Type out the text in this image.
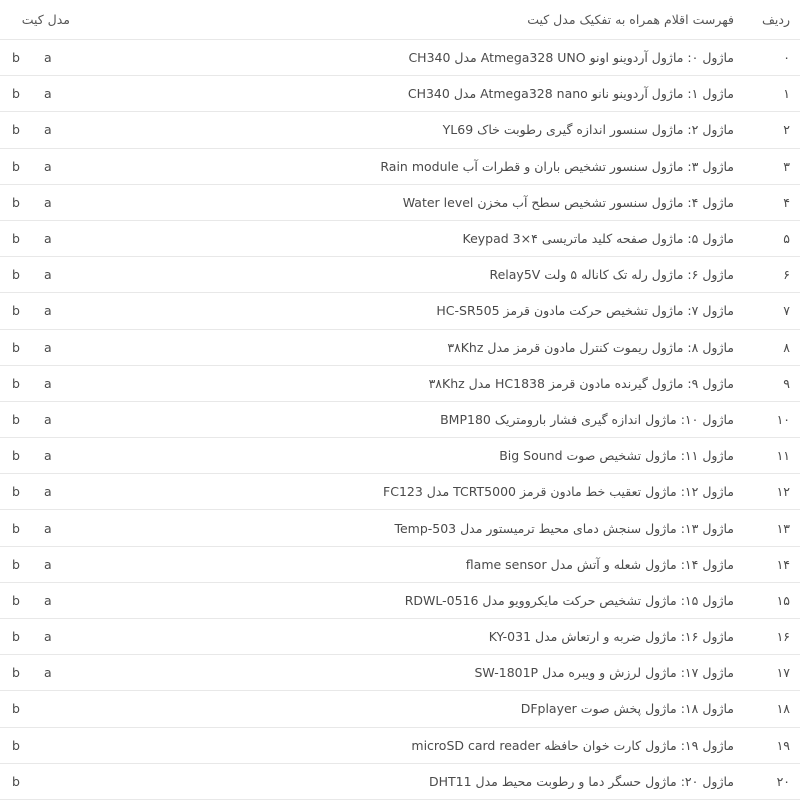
ردیف
فهرست اقلام همراه به تفکیک مدل کیت
مدل کیت
۰
ماژول ۰: ماژول آردوینو اونو Atmega328 UNO مدل CH340
a
b
۱
ماژول ۱: ماژول آردوینو نانو Atmega328 nano مدل CH340
a
b
۲
ماژول ۲: ماژول سنسور اندازه گیری رطوبت خاک YL69
a
b
۳
ماژول ۳: ماژول سنسور تشخیص باران و قطرات آب Rain module
a
b
۴
ماژول ۴: ماژول سنسور تشخیص سطح آب مخزن Water level
a
b
۵
ماژول ۵: ماژول صفحه کلید ماتریسی ۴×Keypad 3
a
b
۶
ماژول ۶: ماژول رله تک کاناله ۵ ولت Relay5V
a
b
۷
ماژول ۷: ماژول تشخیص حرکت مادون قرمز HC-SR505
a
b
۸
ماژول ۸: ماژول ریموت کنترل مادون قرمز مدل ۳۸Khz
a
b
۹
ماژول ۹: ماژول گیرنده مادون قرمز HC1838 مدل ۳۸Khz
a
b
۱۰
ماژول ۱۰: ماژول اندازه گیری فشار بارومتریک BMP180
a
b
۱۱
ماژول ۱۱: ماژول تشخیص صوت Big Sound
a
b
۱۲
ماژول ۱۲: ماژول تعقیب خط مادون قرمز TCRT5000 مدل FC123
a
b
۱۳
ماژول ۱۳: ماژول سنجش دمای محیط ترمیستور مدل Temp-503
a
b
۱۴
ماژول ۱۴: ماژول شعله و آتش مدل flame sensor
a
b
۱۵
ماژول ۱۵: ماژول تشخیص حرکت مایکروویو مدل RDWL-0516
a
b
۱۶
ماژول ۱۶: ماژول ضربه و ارتعاش مدل KY-031
a
b
۱۷
ماژول ۱۷: ماژول لرزش و ویبره مدل SW-1801P
a
b
۱۸
ماژول ۱۸: ماژول پخش صوت DFplayer
b
۱۹
ماژول ۱۹: ماژول کارت خوان حافظه microSD card reader
b
۲۰
ماژول ۲۰: ماژول حسگر دما و رطوبت محیط مدل DHT11
b
